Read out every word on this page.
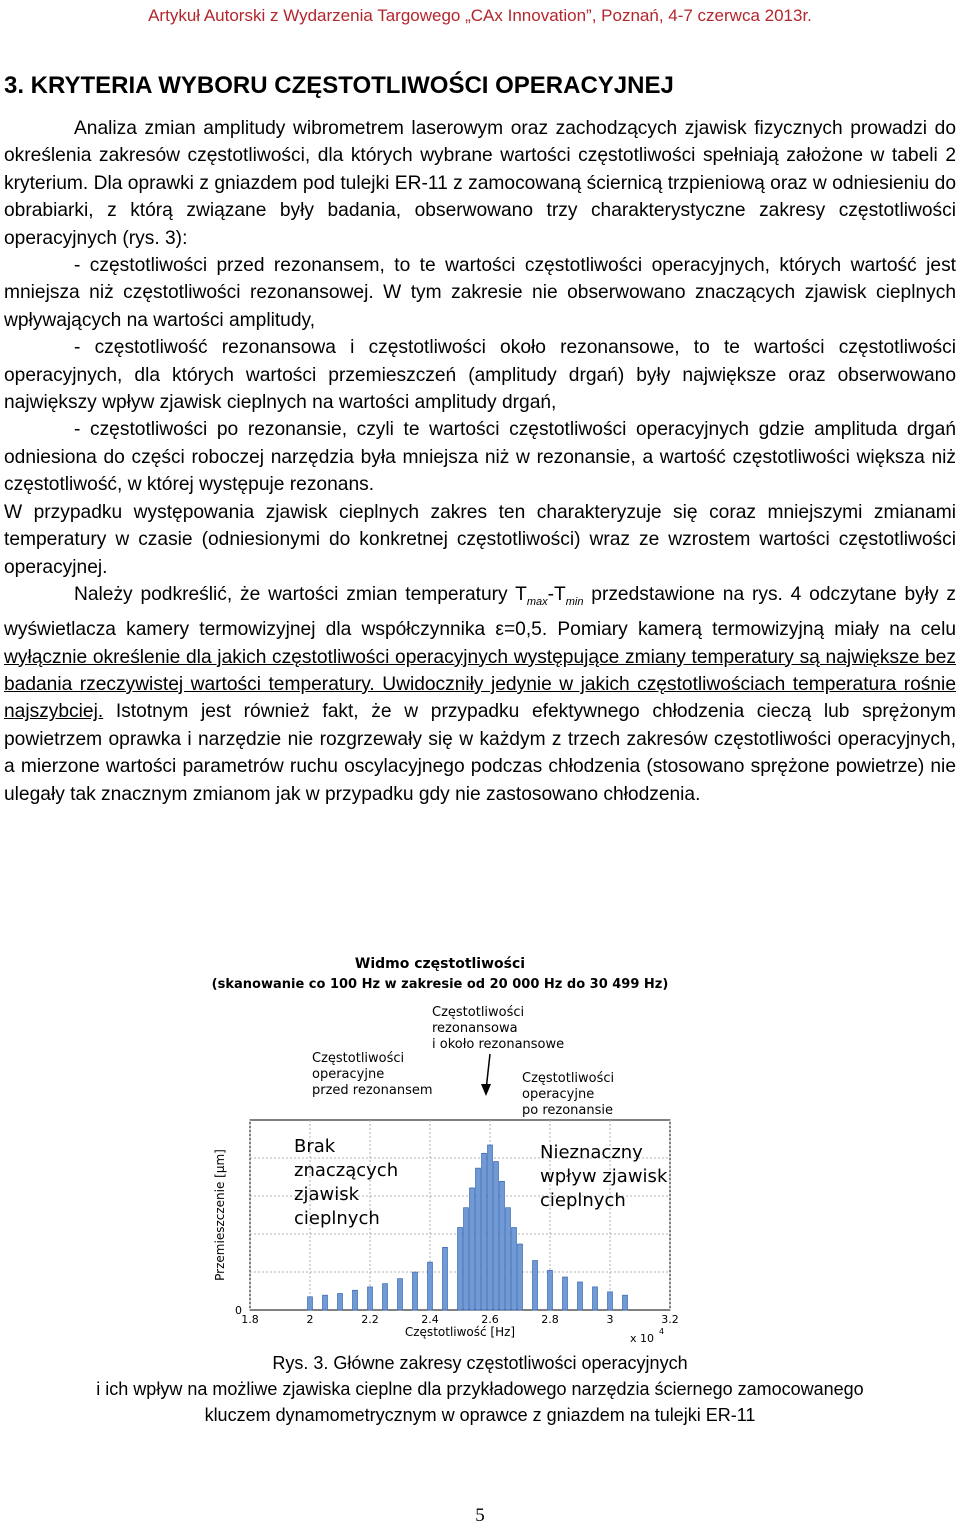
Artykuł Autorski z Wydarzenia Targowego „CAx Innovation”, Poznań, 4-7 czerwca 2013r.
3. KRYTERIA WYBORU CZĘSTOTLIWOŚCI OPERACYJNEJ

Analiza zmian amplitudy wibrometrem laserowym oraz zachodzących zjawisk fizycznych prowadzi do określenia zakresów częstotliwości, dla których wybrane wartości częstotliwości spełniają założone w tabeli 2 kryterium. Dla oprawki z gniazdem pod tulejki ER-11 z zamocowaną ściernicą trzpieniową oraz w odniesieniu do obrabiarki, z którą związane były badania, obserwowano trzy charakterystyczne zakresy częstotliwości operacyjnych (rys. 3):

- częstotliwości przed rezonansem, to te wartości częstotliwości operacyjnych, których wartość jest mniejsza niż częstotliwości rezonansowej. W tym zakresie nie obserwowano znaczących zjawisk cieplnych wpływających na wartości amplitudy,

- częstotliwość rezonansowa i częstotliwości około rezonansowe, to te wartości częstotliwości operacyjnych, dla których wartości przemieszczeń (amplitudy drgań) były największe oraz obserwowano największy wpływ zjawisk cieplnych na wartości amplitudy drgań,

- częstotliwości po rezonansie, czyli te wartości częstotliwości operacyjnych gdzie amplituda drgań odniesiona do części roboczej narzędzia była mniejsza niż w rezonansie, a wartość częstotliwości większa niż częstotliwość, w której występuje rezonans.

W przypadku występowania zjawisk cieplnych zakres ten charakteryzuje się coraz mniejszymi zmianami temperatury w czasie (odniesionymi do konkretnej częstotliwości) wraz ze wzrostem wartości częstotliwości operacyjnej.

Należy podkreślić, że wartości zmian temperatury $T_{max}-T_{min}$ przedstawione na rys. 4 odczytane były z wyświetlacza kamery termowizyjnej dla współczynnika ε=0,5. Pomiary kamerą termowizyjną miały na celu wyłącznie określenie dla jakich częstotliwości operacyjnych występujące zmiany temperatury są największe bez badania rzeczywistej wartości temperatury. Uwidoczniły jedynie w jakich częstotliwościach temperatura rośnie najszybciej. Istotnym jest również fakt, że w przypadku efektywnego chłodzenia cieczą lub sprężonym powietrzem oprawka i narzędzie nie rozgrzewały się w każdym z trzech zakresów częstotliwości operacyjnych, a mierzone wartości parametrów ruchu oscylacyjnego podczas chłodzenia (stosowano sprężone powietrze) nie ulegały tak znacznym zmianom jak w przypadku gdy nie zastosowano chłodzenia.

Widmo częstotliwości
(skanowanie co 100 Hz w zakresie od 20 000 Hz do 30 499 Hz)
Częstotliwości
rezonansowa
i około rezonansowe
Częstotliwości
operacyjne
przed rezonansem
Częstotliwości
operacyjne
po rezonansie
Brak
znaczących
zjawisk
cieplnych
Nieznaczny
wpływ zjawisk
cieplnych
0
1.8	2	2.2	2.4	2.6	2.8	3	3.2
Przemieszczenie [μm]
Częstotliwość [Hz]	x 10
4
Rys. 3. Główne zakresy częstotliwości operacyjnych
i ich wpływ na możliwe zjawiska cieplne dla przykładowego narzędzia ściernego zamocowanego
kluczem dynamometrycznym w oprawce z gniazdem na tulejki ER-11
5
